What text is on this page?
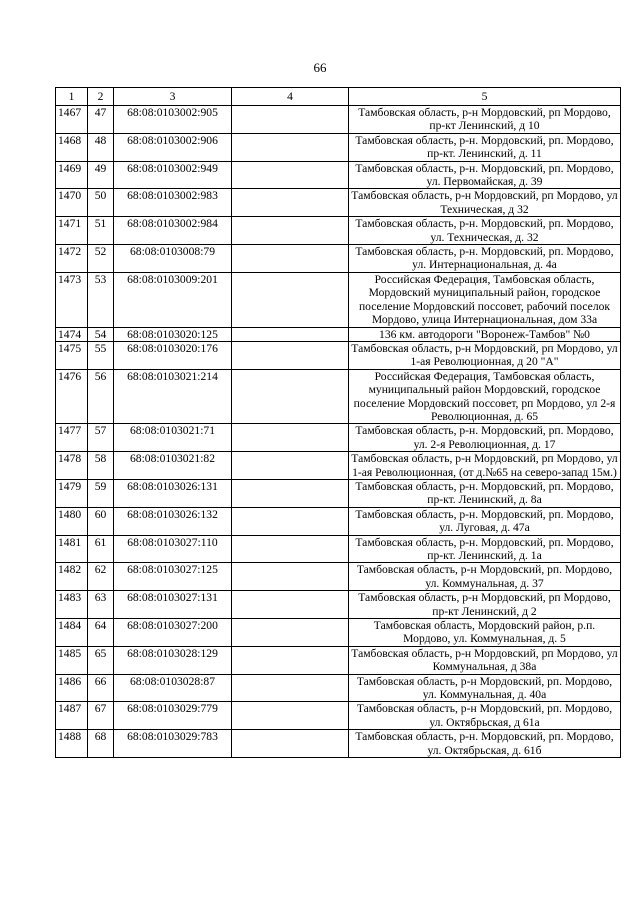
66
1	2	3	4	5
1467	47	68:08:0103002:905		Тамбовская область, р-н Мордовский, рп Мордово, пр-кт Ленинский, д 10
1468	48	68:08:0103002:906		Тамбовская область, р-н. Мордовский, рп. Мордово, пр-кт. Ленинский, д. 11
1469	49	68:08:0103002:949		Тамбовская область, р-н. Мордовский, рп. Мордово, ул. Первомайская, д. 39
1470	50	68:08:0103002:983		Тамбовская область, р-н Мордовский, рп Мордово, ул Техническая, д 32
1471	51	68:08:0103002:984		Тамбовская область, р-н. Мордовский, рп. Мордово, ул. Техническая, д. 32
1472	52	68:08:0103008:79		Тамбовская область, р-н. Мордовский, рп. Мордово, ул. Интернациональная, д. 4а
1473	53	68:08:0103009:201		Российская Федерация, Тамбовская область, Мордовский муниципальный район, городское поселение Мордовский поссовет, рабочий поселок Мордово, улица Интернациональная, дом 33а
1474	54	68:08:0103020:125		136 км. автодороги "Воронеж-Тамбов" №0
1475	55	68:08:0103020:176		Тамбовская область, р-н Мордовский, рп Мордово, ул 1-ая Революционная, д 20 "А"
1476	56	68:08:0103021:214		Российская Федерация, Тамбовская область, муниципальный район Мордовский, городское поселение Мордовский поссовет, рп Мордово, ул 2-я Революционная, д. 65
1477	57	68:08:0103021:71		Тамбовская область, р-н. Мордовский, рп. Мордово, ул. 2-я Революционная, д. 17
1478	58	68:08:0103021:82		Тамбовская область, р-н Мордовский, рп Мордово, ул 1-ая Революционная, (от д.№65 на северо-запад 15м.)
1479	59	68:08:0103026:131		Тамбовская область, р-н. Мордовский, рп. Мордово, пр-кт. Ленинский, д. 8а
1480	60	68:08:0103026:132		Тамбовская область, р-н. Мордовский, рп. Мордово, ул. Луговая, д. 47а
1481	61	68:08:0103027:110		Тамбовская область, р-н. Мордовский, рп. Мордово, пр-кт. Ленинский, д. 1а
1482	62	68:08:0103027:125		Тамбовская область, р-н Мордовский, рп. Мордово, ул. Коммунальная, д. 37
1483	63	68:08:0103027:131		Тамбовская область, р-н Мордовский, рп Мордово, пр-кт Ленинский, д 2
1484	64	68:08:0103027:200		Тамбовская область, Мордовский район, р.п. Мордово, ул. Коммунальная, д. 5
1485	65	68:08:0103028:129		Тамбовская область, р-н Мордовский, рп Мордово, ул Коммунальная, д 38а
1486	66	68:08:0103028:87		Тамбовская область, р-н Мордовский, рп. Мордово, ул. Коммунальная, д. 40а
1487	67	68:08:0103029:779		Тамбовская область, р-н Мордовский, рп. Мордово, ул. Октябрьская, д 61а
1488	68	68:08:0103029:783		Тамбовская область, р-н. Мордовский, рп. Мордово, ул. Октябрьская, д. 61б
